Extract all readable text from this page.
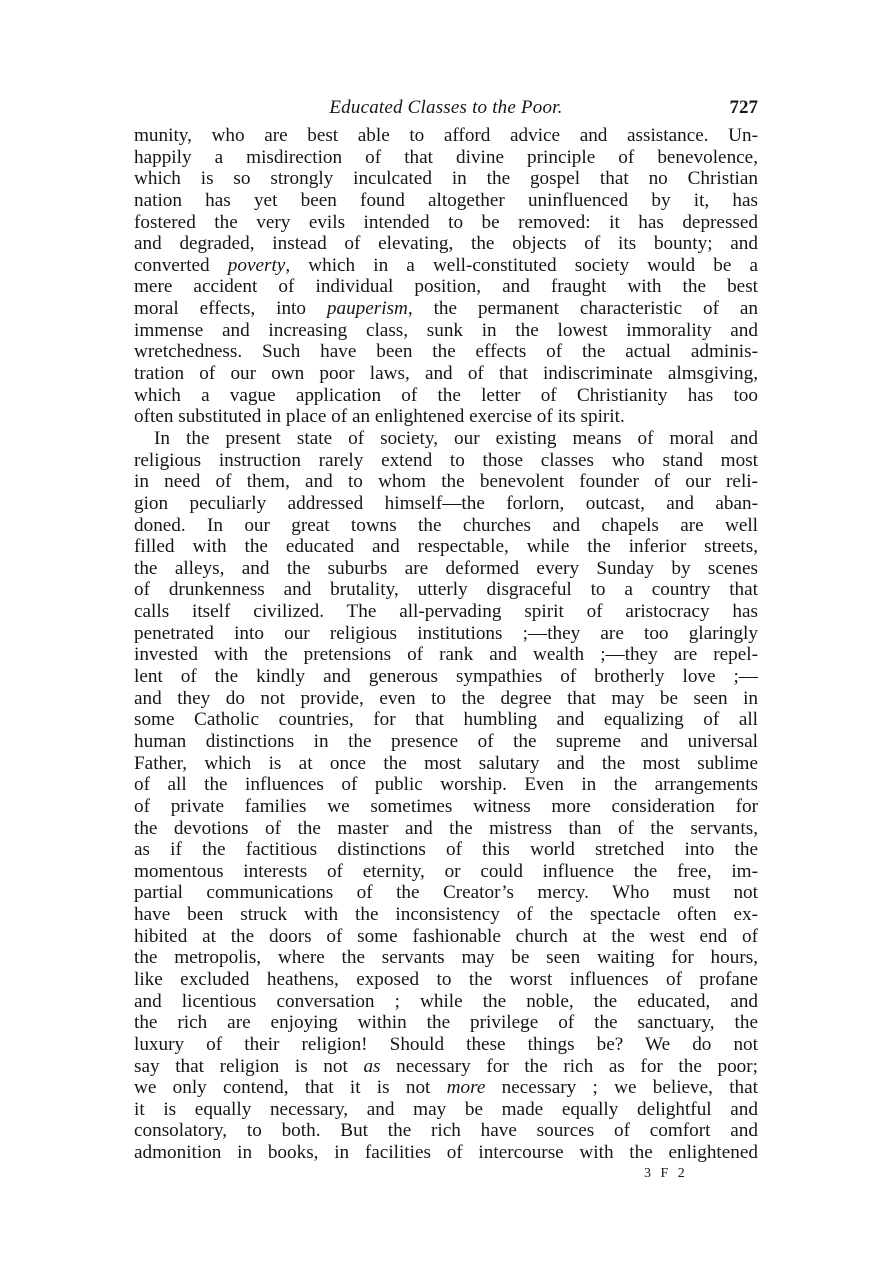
Educated Classes to the Poor.	727
munity, who are best able to afford advice and assistance. Un-
happily a misdirection of that divine principle of benevolence,
which is so strongly inculcated in the gospel that no Christian
nation has yet been found altogether uninfluenced by it, has
fostered the very evils intended to be removed: it has depressed
and degraded, instead of elevating, the objects of its bounty; and
converted poverty, which in a well-constituted society would be a
mere accident of individual position, and fraught with the best
moral effects, into pauperism, the permanent characteristic of an
immense and increasing class, sunk in the lowest immorality and
wretchedness. Such have been the effects of the actual adminis-
tration of our own poor laws, and of that indiscriminate almsgiving,
which a vague application of the letter of Christianity has too
often substituted in place of an enlightened exercise of its spirit.
In the present state of society, our existing means of moral and
religious instruction rarely extend to those classes who stand most
in need of them, and to whom the benevolent founder of our reli-
gion peculiarly addressed himself—the forlorn, outcast, and aban-
doned. In our great towns the churches and chapels are well
filled with the educated and respectable, while the inferior streets,
the alleys, and the suburbs are deformed every Sunday by scenes
of drunkenness and brutality, utterly disgraceful to a country that
calls itself civilized. The all-pervading spirit of aristocracy has
penetrated into our religious institutions ;—they are too glaringly
invested with the pretensions of rank and wealth ;—they are repel-
lent of the kindly and generous sympathies of brotherly love ;—
and they do not provide, even to the degree that may be seen in
some Catholic countries, for that humbling and equalizing of all
human distinctions in the presence of the supreme and universal
Father, which is at once the most salutary and the most sublime
of all the influences of public worship. Even in the arrangements
of private families we sometimes witness more consideration for
the devotions of the master and the mistress than of the servants,
as if the factitious distinctions of this world stretched into the
momentous interests of eternity, or could influence the free, im-
partial communications of the Creator’s mercy. Who must not
have been struck with the inconsistency of the spectacle often ex-
hibited at the doors of some fashionable church at the west end of
the metropolis, where the servants may be seen waiting for hours,
like excluded heathens, exposed to the worst influences of profane
and licentious conversation ; while the noble, the educated, and
the rich are enjoying within the privilege of the sanctuary, the
luxury of their religion! Should these things be? We do not
say that religion is not as necessary for the rich as for the poor;
we only contend, that it is not more necessary ; we believe, that
it is equally necessary, and may be made equally delightful and
consolatory, to both. But the rich have sources of comfort and
admonition in books, in facilities of intercourse with the enlightened
3 F 2
